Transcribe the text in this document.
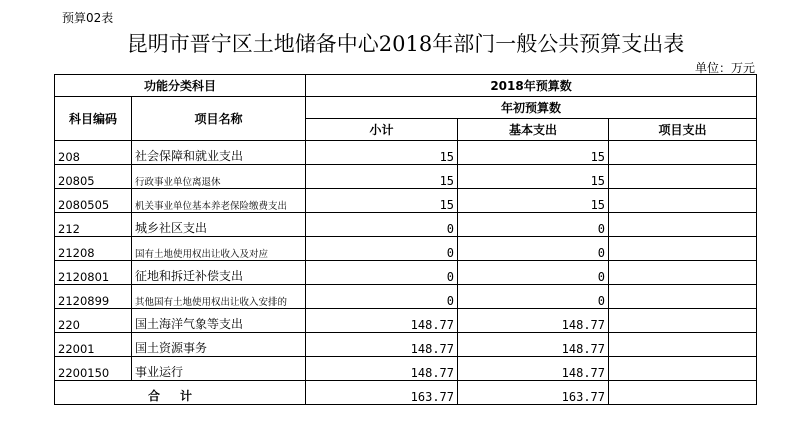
预算02表
昆明市晋宁区土地储备中心2018年部门一般公共预算支出表
单位：万元
功能分类科目		2018年预算数		
科目编码	项目名称	年初预算数		
		小计	基本支出	项目支出
208	社会保障和就业支出	15	15	
20805	行政事业单位离退休	15	15	
2080505	机关事业单位基本养老保险缴费支出	15	15	
212	城乡社区支出	0	0	
21208	国有土地使用权出让收入及对应	0	0	
2120801	征地和拆迁补偿支出	0	0	
2120899	其他国有土地使用权出让收入安排的	0	0	
220	国土海洋气象等支出	148.77	148.77	
22001	国土资源事务	148.77	148.77	
2200150	事业运行	148.77	148.77	
合计		163.77	163.77	
